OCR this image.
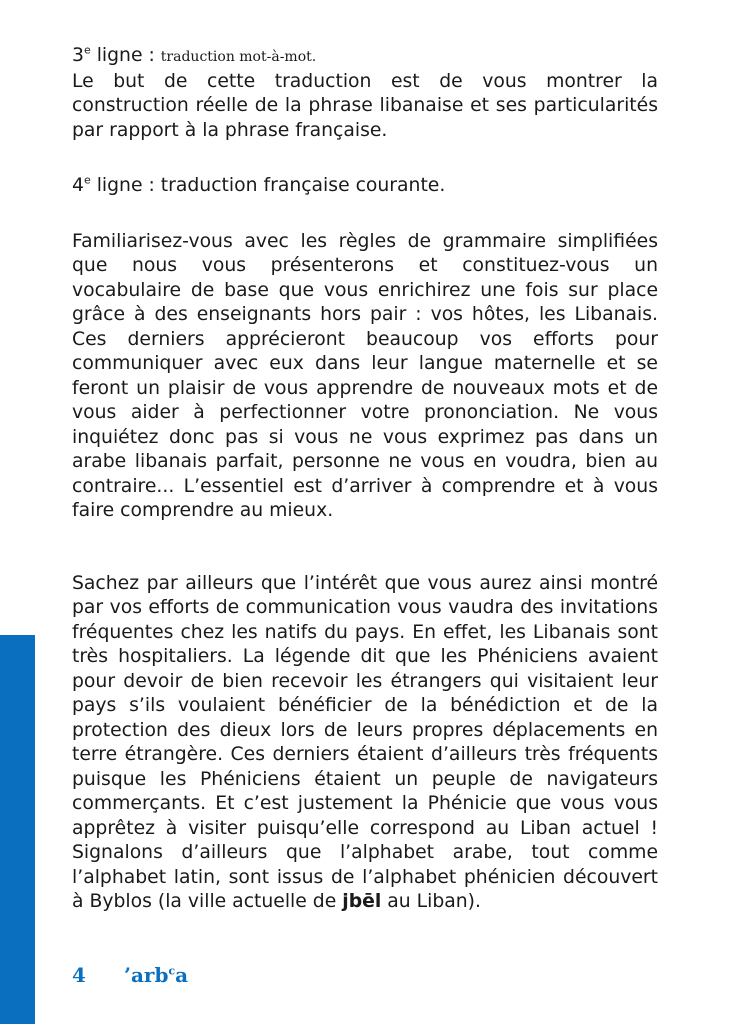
3e ligne : traduction mot-à-mot.

Le but de cette traduction est de vous montrer la construction réelle de la phrase libanaise et ses particularités par rapport à la phrase française.

4e ligne : traduction française courante.

Familiarisez-vous avec les règles de grammaire simplifiées que nous vous présenterons et constituez-vous un vocabulaire de base que vous enrichirez une fois sur place grâce à des enseignants hors pair : vos hôtes, les Libanais. Ces derniers apprécieront beaucoup vos efforts pour communiquer avec eux dans leur langue maternelle et se feront un plaisir de vous apprendre de nouveaux mots et de vous aider à perfectionner votre prononciation. Ne vous inquiétez donc pas si vous ne vous exprimez pas dans un arabe libanais parfait, personne ne vous en voudra, bien au contraire... L’essentiel est d’arriver à comprendre et à vous faire comprendre au mieux.

Sachez par ailleurs que l’intérêt que vous aurez ainsi montré par vos efforts de communication vous vaudra des invitations fréquentes chez les natifs du pays. En effet, les Libanais sont très hospitaliers. La légende dit que les Phéniciens avaient pour devoir de bien recevoir les étrangers qui visitaient leur pays s’ils voulaient bénéficier de la bénédiction et de la protection des dieux lors de leurs propres déplacements en terre étrangère. Ces derniers étaient d’ailleurs très fréquents puisque les Phéniciens étaient un peuple de navigateurs commerçants. Et c’est justement la Phénicie que vous vous apprêtez à visiter puisqu’elle correspond au Liban actuel ! Signalons d’ailleurs que l’alphabet arabe, tout comme l’alphabet latin, sont issus de l’alphabet phénicien découvert à Byblos (la ville actuelle de jbēl au Liban).

4 ’arb$^c$a
